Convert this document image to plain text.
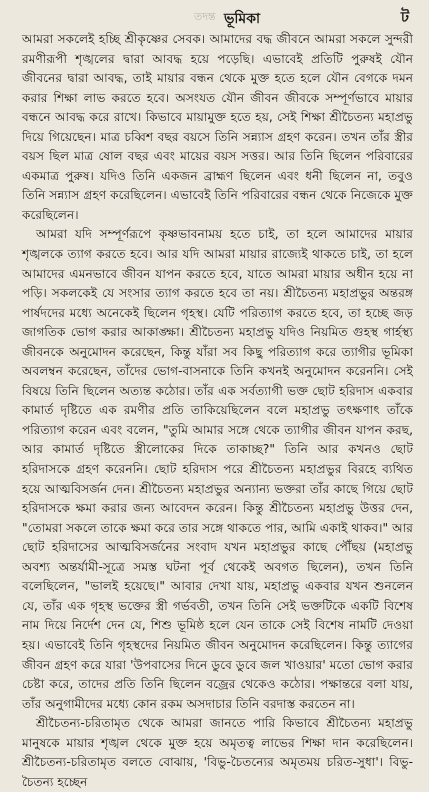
তদন্ত ভূমিকা	ট

আমরা সকলেই হচ্ছি শ্রীকৃষ্ণের সেবক। আমাদের বদ্ধ জীবনে আমরা সকলে সুন্দরী রমণীরূপী শৃঙ্খলের দ্বারা আবদ্ধ হয়ে পড়েছি। এভাবেই প্রতিটি পুরুষই যৌন জীবনের দ্বারা আবদ্ধ, তাই মায়ার বন্ধন থেকে মুক্ত হতে হলে যৌন বেগকে দমন করার শিক্ষা লাভ করতে হবে। অসংযত যৌন জীবন জীবকে সম্পূর্ণভাবে মায়ার বন্ধনে আবদ্ধ করে রাখে। কিভাবে মায়ামুক্ত হতে হয়, সেই শিক্ষা শ্রীচৈতন্য মহাপ্রভু দিয়ে গিয়েছেন। মাত্র চব্বিশ বছর বয়সে তিনি সন্ন্যাস গ্রহণ করেন। তখন তাঁর স্ত্রীর বয়স ছিল মাত্র ষোল বছর এবং মায়ের বয়স সত্তর। আর তিনি ছিলেন পরিবারের একমাত্র পুরুষ। যদিও তিনি একজন ব্রাহ্মণ ছিলেন এবং ধনী ছিলেন না, তবুও তিনি সন্ন্যাস গ্রহণ করেছিলেন। এভাবেই তিনি পরিবারের বন্ধন থেকে নিজেকে মুক্ত করেছিলেন।

আমরা যদি সম্পূর্ণরূপে কৃষ্ণভাবনাময় হতে চাই, তা হলে আমাদের মায়ার শৃঙ্খলকে ত্যাগ করতে হবে। আর যদি আমরা মায়ার রাজ্যেই থাকতে চাই, তা হলে আমাদের এমনভাবে জীবন যাপন করতে হবে, যাতে আমরা মায়ার অধীন হয়ে না পড়ি। সকলকেই যে সংসার ত্যাগ করতে হবে তা নয়। শ্রীচৈতন্য মহাপ্রভুর অন্তরঙ্গ পার্ষদদের মধ্যে অনেকেই ছিলেন গৃহস্থ। যেটি পরিত্যাগ করতে হবে, তা হচ্ছে জড় জাগতিক ভোগ করার আকাঙ্ক্ষা। শ্রীচৈতন্য মহাপ্রভু যদিও নিয়মিত গুহস্থ গার্হস্থ্য জীবনকে অনুমোদন করেছেন, কিন্তু যাঁরা সব কিছু পরিত্যাগ করে ত্যাগীর ভূমিকা অবলম্বন করেছেন, তাঁদের ভোগ-বাসনাকে তিনি কখনই অনুমোদন করেননি। সেই বিষয়ে তিনি ছিলেন অত্যন্ত কঠোর। তাঁর এক সর্বত্যাগী ভক্ত ছোট হরিদাস একবার কামার্ত দৃষ্টিতে এক রমণীর প্রতি তাকিয়েছিলেন বলে মহাপ্রভু তৎক্ষণাৎ তাঁকে পরিত্যাগ করেন এবং বলেন, "তুমি আমার সঙ্গে থেকে ত্যাগীর জীবন যাপন করছ, আর কামার্ত দৃষ্টিতে স্ত্রীলোকের দিকে তাকাচ্ছ?" তিনি আর কখনও ছোট হরিদাসকে গ্রহণ করেননি। ছোট হরিদাস পরে শ্রীচৈতন্য মহাপ্রভুর বিরহে ব্যথিত হয়ে আত্মবিসর্জন দেন। শ্রীচৈতন্য মহাপ্রভুর অন্যান্য ভক্তরা তাঁর কাছে গিয়ে ছোট হরিদাসকে ক্ষমা করার জন্য আবেদন করেন। কিন্তু শ্রীচৈতন্য মহাপ্রভু উত্তর দেন, "তোমরা সকলে তাকে ক্ষমা করে তার সঙ্গে থাকতে পার, আমি একাই থাকব।" আর ছোট হরিদাসের আত্মবিসর্জনের সংবাদ যখন মহাপ্রভুর কাছে পৌঁছয় (মহাপ্রভু অবশ্য অন্তর্যামী-সূত্রে সমস্ত ঘটনা পূর্ব থেকেই অবগত ছিলেন), তখন তিনি বলেছিলেন, "ভালই হয়েছে।" আবার দেখা যায়, মহাপ্রভু একবার যখন শুনলেন যে, তাঁর এক গৃহস্থ ভক্তের স্ত্রী গর্ভবতী, তখন তিনি সেই ভক্তটিকে একটি বিশেষ নাম দিয়ে নির্দেশ দেন যে, শিশু ভূমিষ্ঠ হলে যেন তাকে সেই বিশেষ নামটি দেওয়া হয়। এভাবেই তিনি গৃহস্থদের নিয়মিত জীবন অনুমোদন করেছিলেন। কিন্তু ত্যাগের জীবন গ্রহণ করে যারা 'উপবাসের দিনে ডুবে ডুবে জল খাওয়ার' মতো ভোগ করার চেষ্টা করে, তাদের প্রতি তিনি ছিলেন বজ্রের থেকেও কঠোর। পক্ষান্তরে বলা যায়, তাঁর অনুগামীদের মধ্যে কোন রকম অসদাচার তিনি বরদাস্ত করতেন না।

শ্রীচৈতন্য-চরিতামৃত থেকে আমরা জানতে পারি কিভাবে শ্রীচৈতন্য মহাপ্রভু মানুষকে মায়ার শৃঙ্খল থেকে মুক্ত হয়ে অমৃতত্ব লাভের শিক্ষা দান করেছিলেন। শ্রীচৈতন্য-চরিতামৃত বলতে বোঝায়, 'বিভু-চৈতন্যের অমৃতময় চরিত-সুধা'। বিভু-চৈতন্য হচ্ছেন
